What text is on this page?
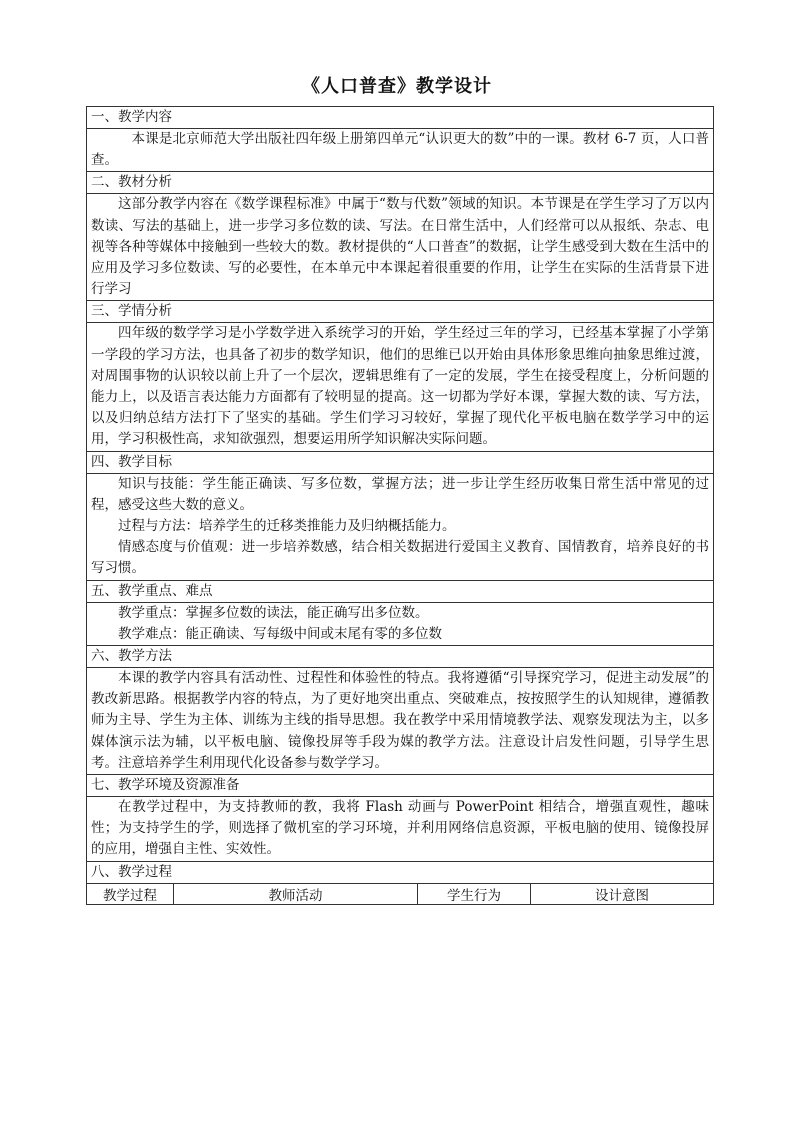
《人口普查》教学设计
一、教学内容

本课是北京师范大学出版社四年级上册第四单元“认识更大的数”中的一课。教材 6-7 页，人口普查。

二、教材分析

这部分教学内容在《数学课程标准》中属于“数与代数”领域的知识。本节课是在学生学习了万以内数读、写法的基础上，进一步学习多位数的读、写法。在日常生活中，人们经常可以从报纸、杂志、电视等各种等媒体中接触到一些较大的数。教材提供的“人口普查”的数据，让学生感受到大数在生活中的应用及学习多位数读、写的必要性，在本单元中本课起着很重要的作用，让学生在实际的生活背景下进行学习

三、学情分析

四年级的数学学习是小学数学进入系统学习的开始，学生经过三年的学习，已经基本掌握了小学第一学段的学习方法，也具备了初步的数学知识，他们的思维已以开始由具体形象思维向抽象思维过渡，对周围事物的认识较以前上升了一个层次，逻辑思维有了一定的发展，学生在接受程度上，分析问题的能力上，以及语言表达能力方面都有了较明显的提高。这一切都为学好本课，掌握大数的读、写方法，以及归纳总结方法打下了坚实的基础。学生们学习习较好，掌握了现代化平板电脑在数学学习中的运用，学习积极性高，求知欲强烈，想要运用所学知识解决实际问题。

四、教学目标

知识与技能：学生能正确读、写多位数，掌握方法；进一步让学生经历收集日常生活中常见的过程，感受这些大数的意义。

过程与方法：培养学生的迁移类推能力及归纳概括能力。

情感态度与价值观：进一步培养数感，结合相关数据进行爱国主义教育、国情教育，培养良好的书写习惯。

五、教学重点、难点

教学重点：掌握多位数的读法，能正确写出多位数。

教学难点：能正确读、写每级中间或末尾有零的多位数

六、教学方法

本课的教学内容具有活动性、过程性和体验性的特点。我将遵循“引导探究学习，促进主动发展”的教改新思路。根据教学内容的特点，为了更好地突出重点、突破难点，按按照学生的认知规律，遵循教师为主导、学生为主体、训练为主线的指导思想。我在教学中采用情境教学法、观察发现法为主，以多媒体演示法为辅，以平板电脑、镜像投屏等手段为媒的教学方法。注意设计启发性问题，引导学生思考。注意培养学生利用现代化设备参与数学学习。

七、教学环境及资源准备

在教学过程中，为支持教师的教，我将 Flash 动画与 PowerPoint 相结合，增强直观性，趣味性；为支持学生的学，则选择了微机室的学习环境，并利用网络信息资源，平板电脑的使用、镜像投屏的应用，增强自主性、实效性。

八、教学过程
教学过程	教师活动	学生行为	设计意图
